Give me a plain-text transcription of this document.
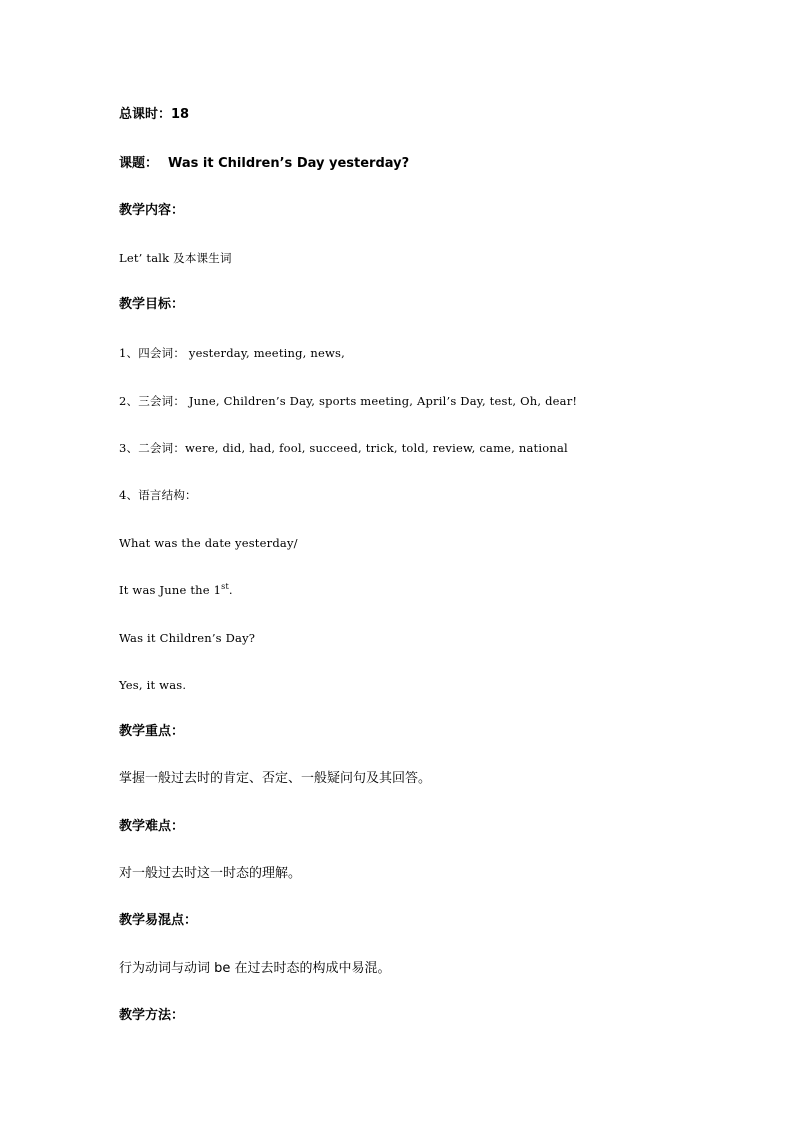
总课时：18
课题： Was it Children’s Day yesterday?
教学内容：
Let’ talk 及本课生词
教学目标：
1、四会词： yesterday, meeting, news,
2、三会词： June, Children’s Day, sports meeting, April’s Day, test, Oh, dear!
3、二会词：were, did, had, fool, succeed, trick, told, review, came, national
4、语言结构：
What was the date yesterday/
It was June the 1st.
Was it Children’s Day?
Yes, it was.
教学重点：
掌握一般过去时的肯定、否定、一般疑问句及其回答。
教学难点：
对一般过去时这一时态的理解。
教学易混点：
行为动词与动词 be 在过去时态的构成中易混。
教学方法：
